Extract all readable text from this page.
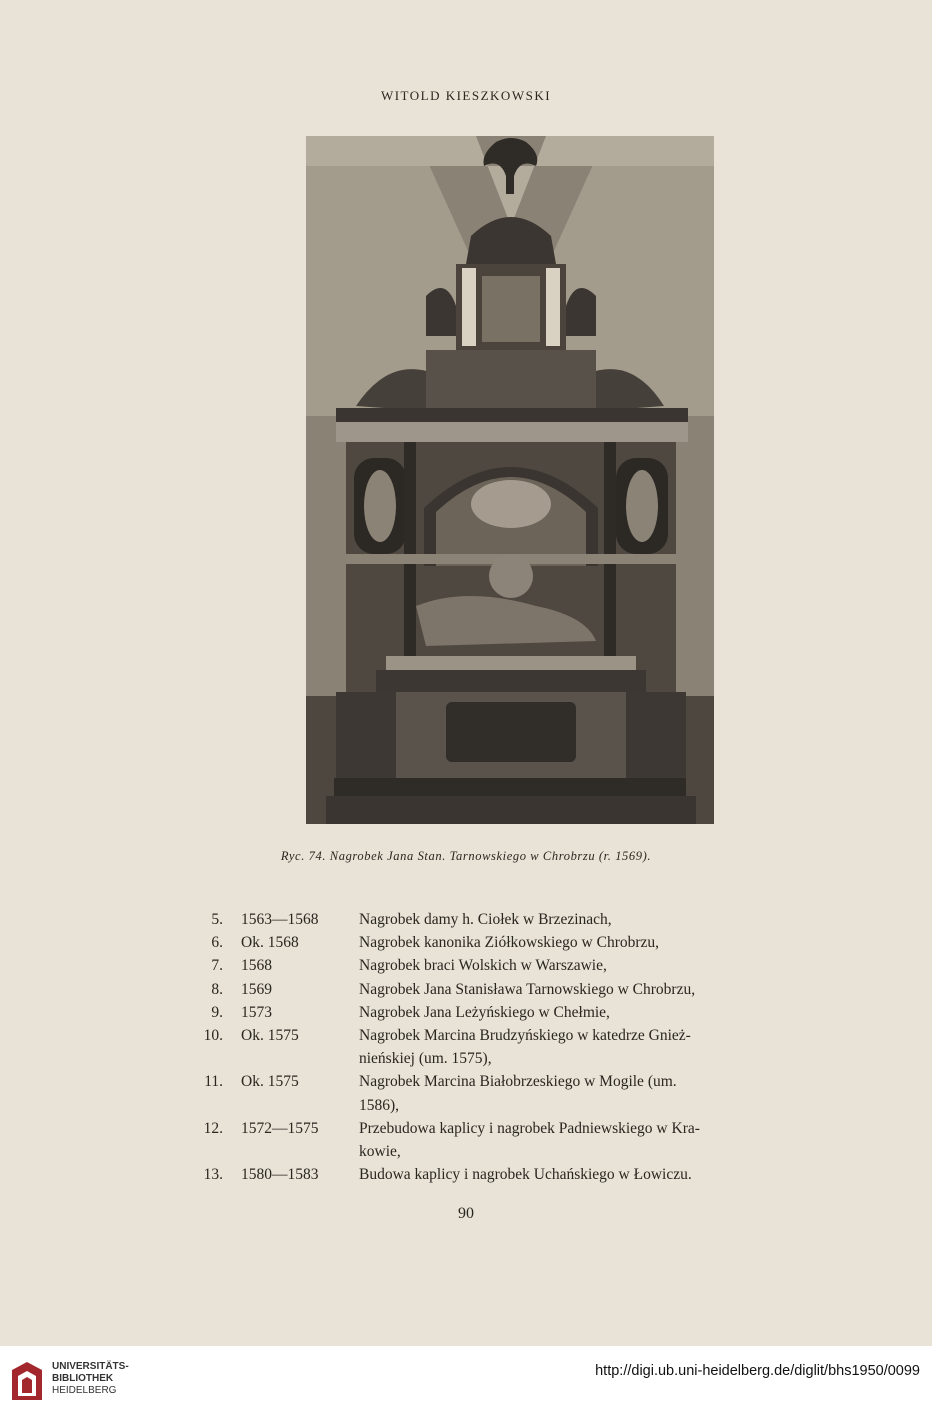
WITOLD KIESZKOWSKI
Ryc. 74. Nagrobek Jana Stan. Tarnowskiego w Chrobrzu (r. 1569).
5.	1563—1568	Nagrobek damy h. Ciołek w Brzezinach,
6.	Ok. 1568	Nagrobek kanonika Ziółkowskiego w Chrobrzu,
7.	1568	Nagrobek braci Wolskich w Warszawie,
8.	1569	Nagrobek Jana Stanisława Tarnowskiego w Chrobrzu,
9.	1573	Nagrobek Jana Leżyńskiego w Chełmie,
10.	Ok. 1575	Nagrobek Marcina Brudzyńskiego w katedrze Gnież-
nieńskiej (um. 1575),
11.	Ok. 1575	Nagrobek Marcina Białobrzeskiego w Mogile (um.
1586),
12.	1572—1575	Przebudowa kaplicy i nagrobek Padniewskiego w Kra-
kowie,
13.	1580—1583	Budowa kaplicy i nagrobek Uchańskiego w Łowiczu.
90
UNIVERSITÄTS-
BIBLIOTHEK
HEIDELBERG
http://digi.ub.uni-heidelberg.de/diglit/bhs1950/0099
